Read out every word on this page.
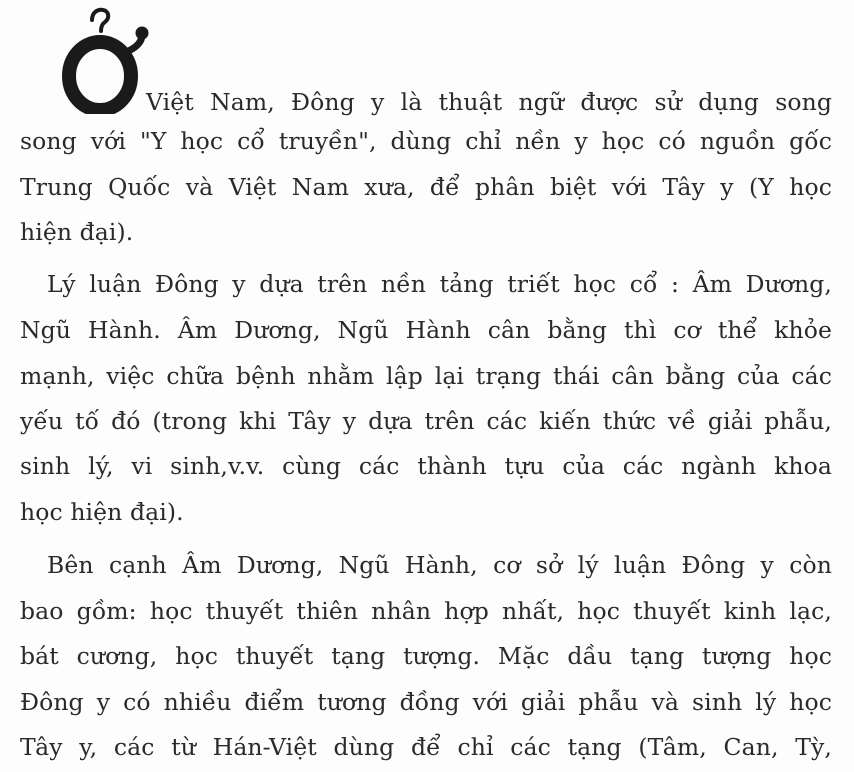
Việt Nam, Đông y là thuật ngữ được sử dụng song
song với "Y học cổ truyền", dùng chỉ nền y học có nguồn gốc
Trung Quốc và Việt Nam xưa, để phân biệt với Tây y (Y học
hiện đại).
Lý luận Đông y dựa trên nền tảng triết học cổ : Âm Dương,
Ngũ Hành. Âm Dương, Ngũ Hành cân bằng thì cơ thể khỏe
mạnh, việc chữa bệnh nhằm lập lại trạng thái cân bằng của các
yếu tố đó (trong khi Tây y dựa trên các kiến thức về giải phẫu,
sinh lý, vi sinh,v.v. cùng các thành tựu của các ngành khoa
học hiện đại).
Bên cạnh Âm Dương, Ngũ Hành, cơ sở lý luận Đông y còn
bao gồm: học thuyết thiên nhân hợp nhất, học thuyết kinh lạc,
bát cương, học thuyết tạng tượng. Mặc dầu tạng tượng học
Đông y có nhiều điểm tương đồng với giải phẫu và sinh lý học
Tây y, các từ Hán-Việt dùng để chỉ các tạng (Tâm, Can, Tỳ,
